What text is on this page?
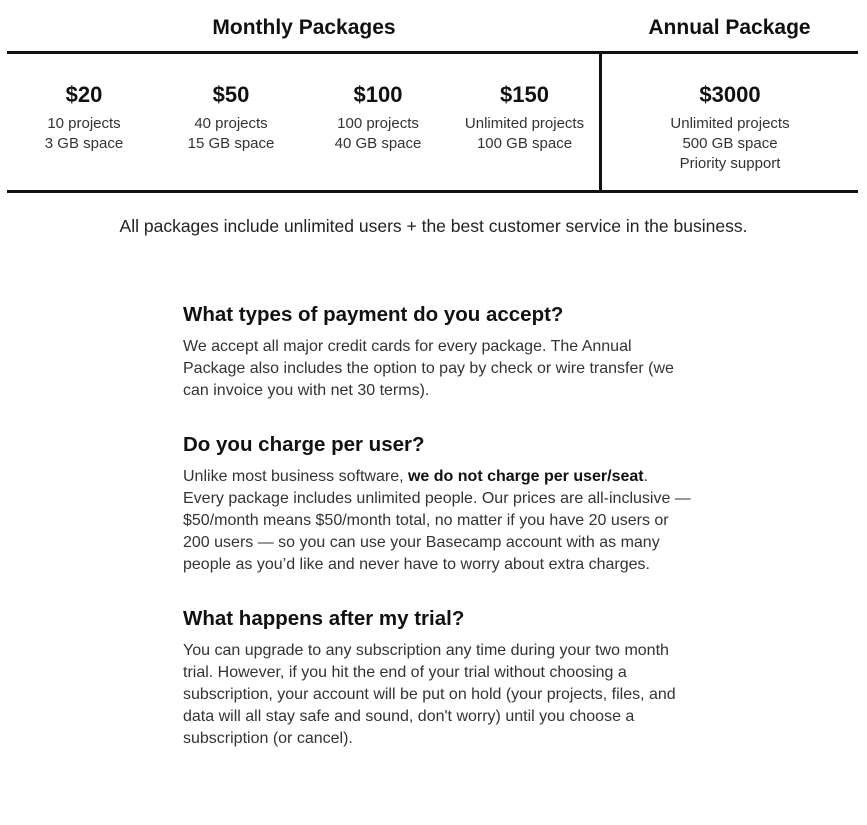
Monthly Packages	Annual Package
$20
10 projects
3 GB space
$50
40 projects
15 GB space
$100
100 projects
40 GB space
$150
Unlimited projects
100 GB space
$3000
Unlimited projects
500 GB space
Priority support
All packages include unlimited users + the best customer service in the business.
What types of payment do you accept?

We accept all major credit cards for every package. The Annual Package also includes the option to pay by check or wire transfer (we can invoice you with net 30 terms).

Do you charge per user?

Unlike most business software, we do not charge per user/seat. Every package includes unlimited people. Our prices are all-inclusive — $50/month means $50/month total, no matter if you have 20 users or 200 users — so you can use your Basecamp account with as many people as you’d like and never have to worry about extra charges.

What happens after my trial?

You can upgrade to any subscription any time during your two month trial. However, if you hit the end of your trial without choosing a subscription, your account will be put on hold (your projects, files, and data will all stay safe and sound, don't worry) until you choose a subscription (or cancel).
